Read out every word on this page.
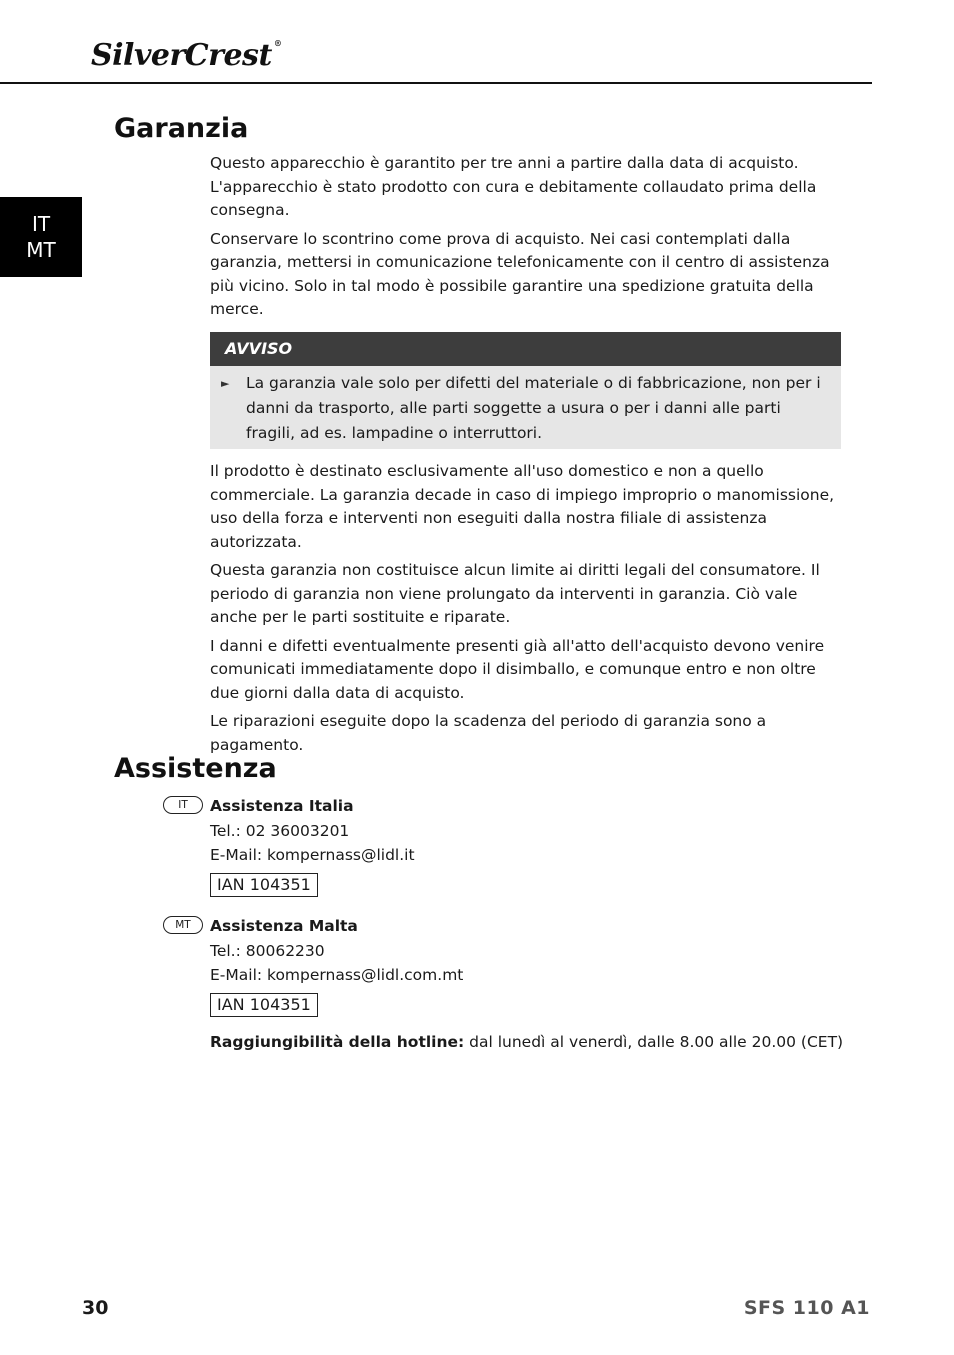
SilverCrest ®
IT
MT
Garanzia

Questo apparecchio è garantito per tre anni a partire dalla data di acquisto. L'apparecchio è stato prodotto con cura e debitamente collaudato prima della consegna.

Conservare lo scontrino come prova di acquisto. Nei casi contemplati dalla garanzia, mettersi in comunicazione telefonicamente con il centro di assistenza più vicino. Solo in tal modo è possibile garantire una spedizione gratuita della merce.

AVVISO
► La garanzia vale solo per difetti del materiale o di fabbricazione, non per i danni da trasporto, alle parti soggette a usura o per i danni alle parti fragili, ad es. lampadine o interruttori.

Il prodotto è destinato esclusivamente all'uso domestico e non a quello commerciale. La garanzia decade in caso di impiego improprio o manomissione, uso della forza e interventi non eseguiti dalla nostra filiale di assistenza autorizzata.

Questa garanzia non costituisce alcun limite ai diritti legali del consumatore. Il periodo di garanzia non viene prolungato da interventi in garanzia. Ciò vale anche per le parti sostituite e riparate.

I danni e difetti eventualmente presenti già all'atto dell'acquisto devono venire comunicati immediatamente dopo il disimballo, e comunque entro e non oltre due giorni dalla data di acquisto.

Le riparazioni eseguite dopo la scadenza del periodo di garanzia sono a pagamento.

Assistenza
IT	Assistenza Italia
Tel.: 02 36003201
E-Mail: kompernass@lidl.it
IAN 104351
MT	Assistenza Malta
Tel.: 80062230
E-Mail: kompernass@lidl.com.mt
IAN 104351
Raggiungibilità della hotline: dal lunedì al venerdì, dalle 8.00 alle 20.00 (CET)
30	SFS 110 A1
